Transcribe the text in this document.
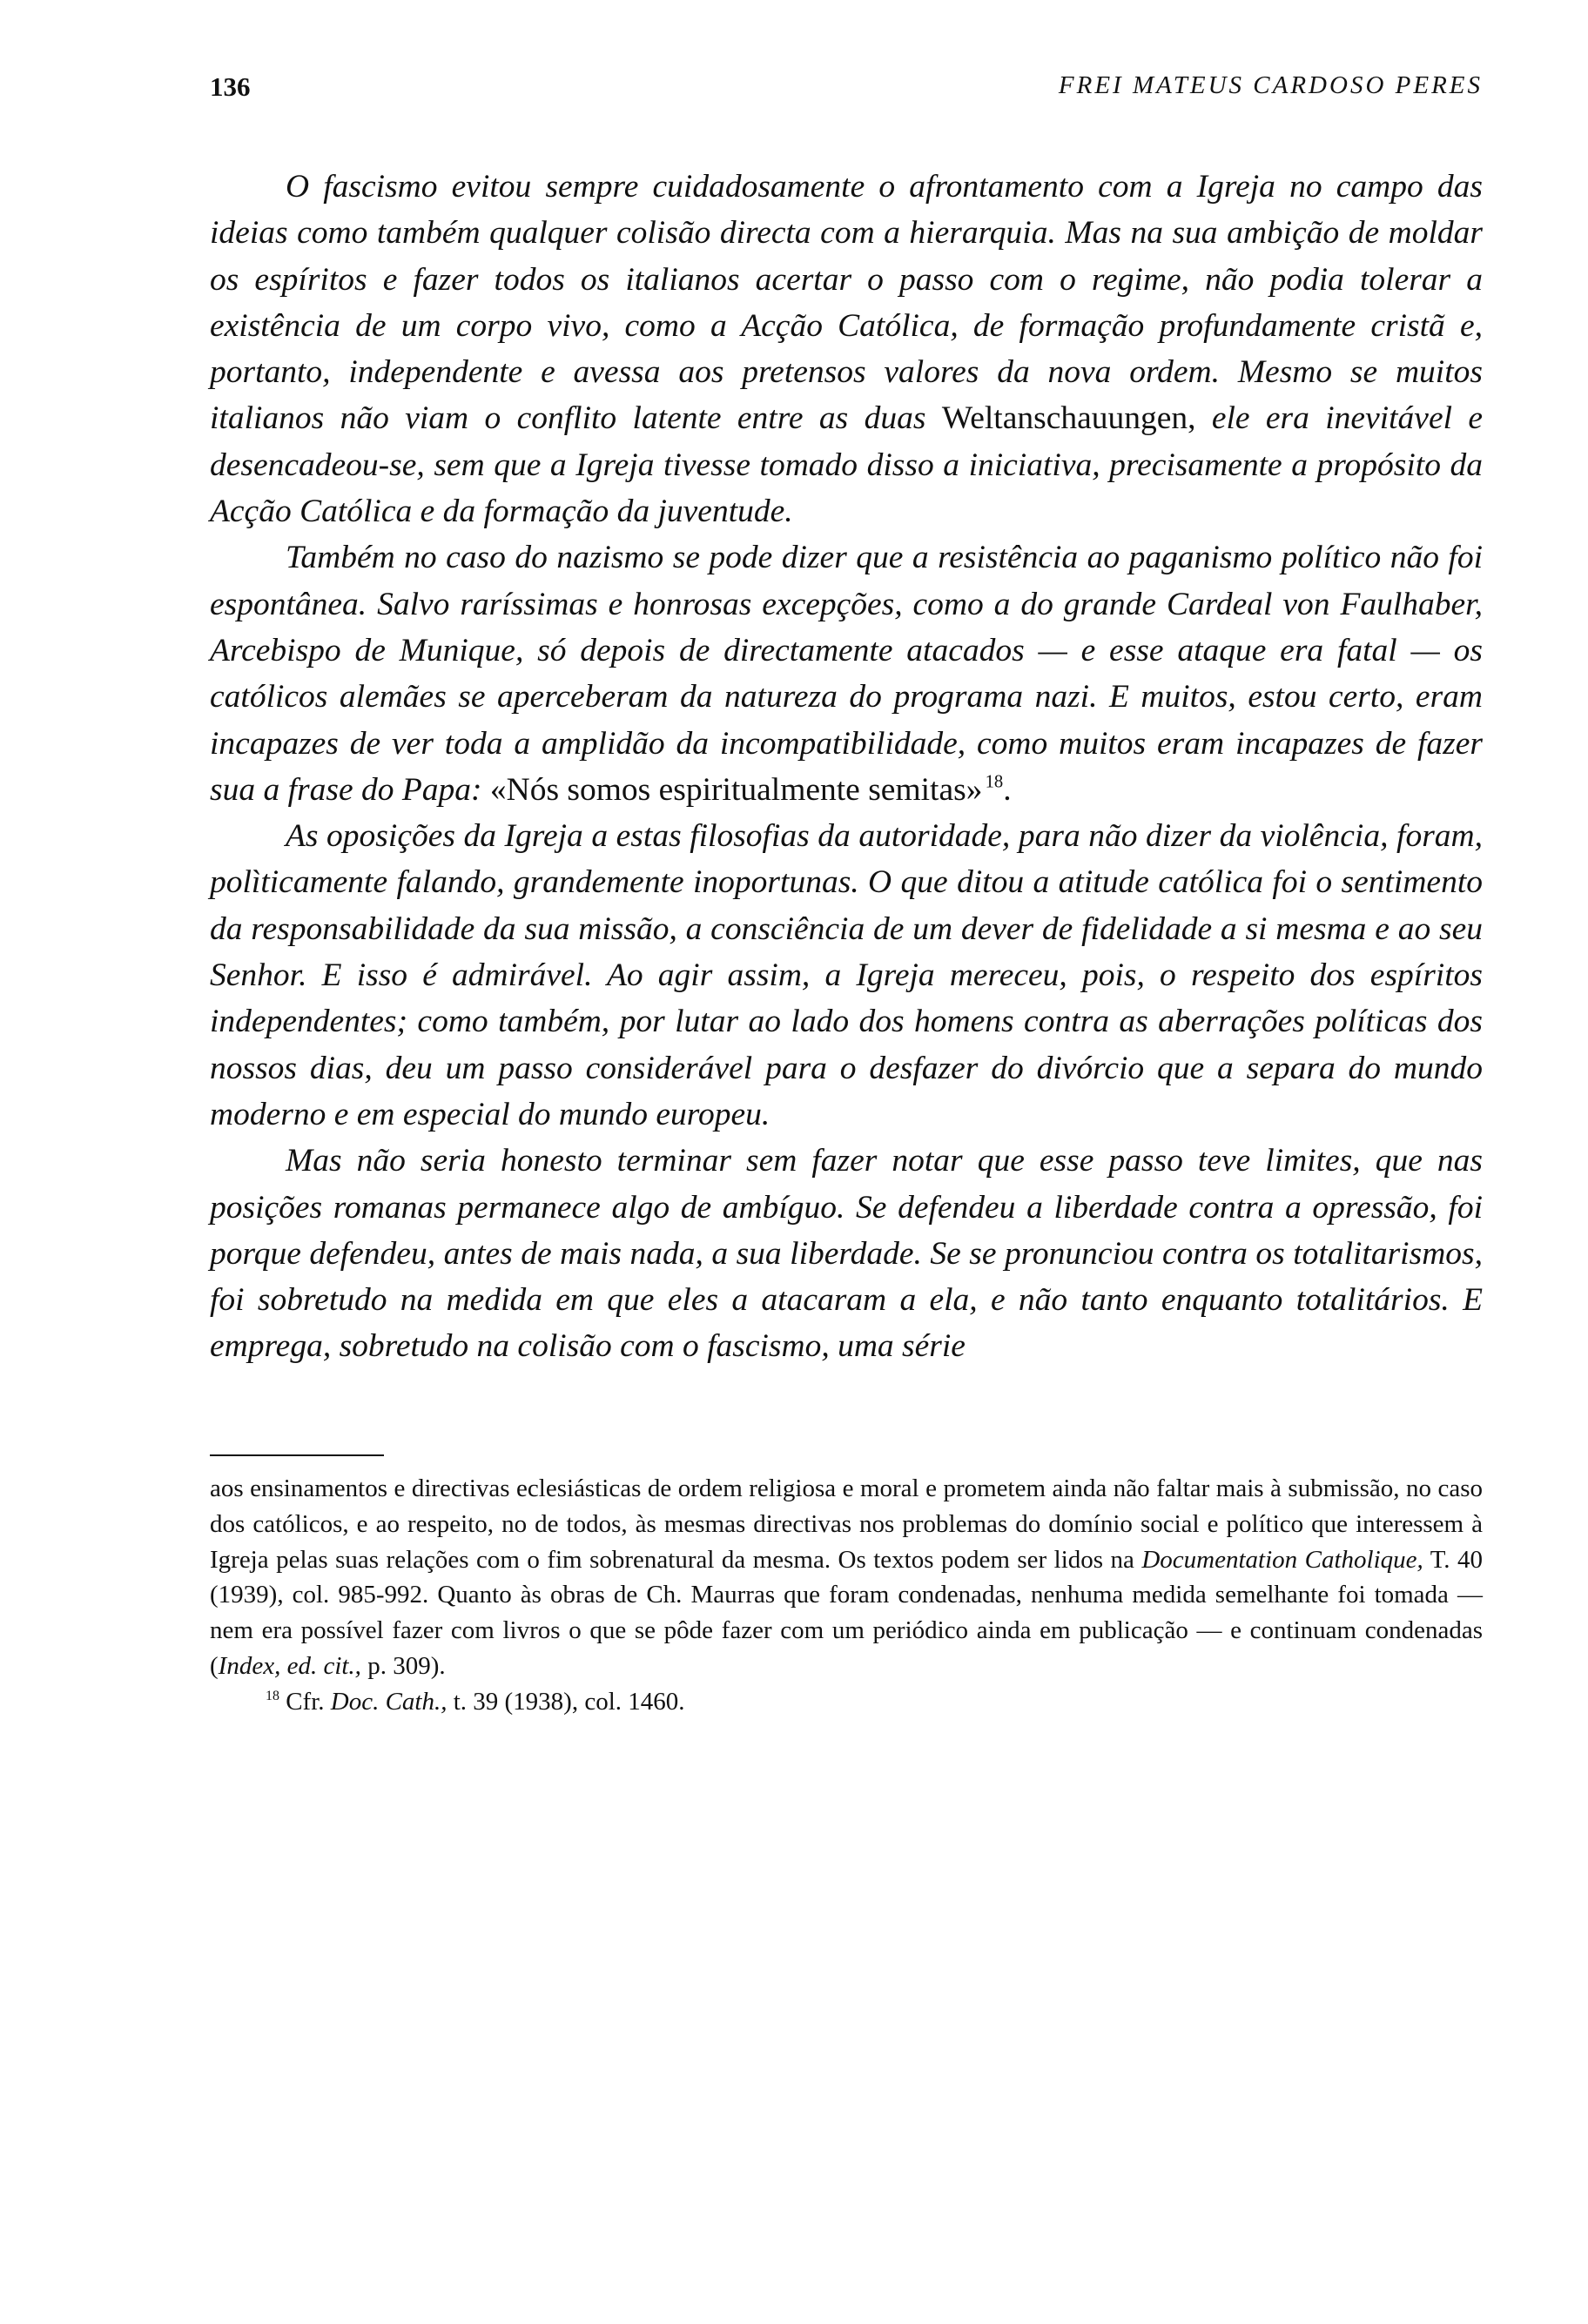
136	FREI MATEUS CARDOSO PERES

O fascismo evitou sempre cuidadosamente o afrontamento com a Igreja no campo das ideias como também qualquer colisão directa com a hierarquia. Mas na sua ambição de moldar os espíritos e fazer todos os italianos acertar o passo com o regime, não podia tolerar a existência de um corpo vivo, como a Acção Católica, de formação profundamente cristã e, portanto, independente e avessa aos pretensos valores da nova ordem. Mesmo se muitos italianos não viam o conflito latente entre as duas Weltanschauungen, ele era inevitável e desencadeou-se, sem que a Igreja tivesse tomado disso a iniciativa, precisamente a propósito da Acção Católica e da formação da juventude.

Também no caso do nazismo se pode dizer que a resistência ao paganismo político não foi espontânea. Salvo raríssimas e honrosas excepções, como a do grande Cardeal von Faulhaber, Arcebispo de Munique, só depois de directamente atacados — e esse ataque era fatal — os católicos alemães se aperceberam da natureza do programa nazi. E muitos, estou certo, eram incapazes de ver toda a amplidão da incompatibilidade, como muitos eram incapazes de fazer sua a frase do Papa: «Nós somos espiritualmente semitas»  $^{18}$.

As oposições da Igreja a estas filosofias da autoridade, para não dizer da violência, foram, polìticamente falando, grandemente inoportunas. O que ditou a atitude católica foi o sentimento da responsabilidade da sua missão, a consciência de um dever de fidelidade a si mesma e ao seu Senhor. E isso é admirável. Ao agir assim, a Igreja mereceu, pois, o respeito dos espíritos independentes; como também, por lutar ao lado dos homens contra as aberrações políticas dos nossos dias, deu um passo considerável para o desfazer do divórcio que a separa do mundo moderno e em especial do mundo europeu.

Mas não seria honesto terminar sem fazer notar que esse passo teve limites, que nas posições romanas permanece algo de ambíguo. Se defendeu a liberdade contra a opressão, foi porque defendeu, antes de mais nada, a sua liberdade. Se se pronunciou contra os totalitarismos, foi sobretudo na medida em que eles a atacaram a ela, e não tanto enquanto totalitários. E emprega, sobretudo na colisão com o fascismo, uma série

aos ensinamentos e directivas eclesiásticas de ordem religiosa e moral e prometem ainda não faltar mais à submissão, no caso dos católicos, e ao respeito, no de todos, às mesmas directivas nos problemas do domínio social e político que interessem à Igreja pelas suas relações com o fim sobrenatural da mesma. Os textos podem ser lidos na Documentation Catholique, T. 40 (1939), col. 985-992. Quanto às obras de Ch. Maurras que foram condenadas, nenhuma medida semelhante foi tomada — nem era possível fazer com livros o que se pôde fazer com um periódico ainda em publicação — e continuam condenadas (Index, ed. cit., p. 309).

$^{18}$ Cfr. Doc. Cath., t. 39 (1938), col. 1460.
